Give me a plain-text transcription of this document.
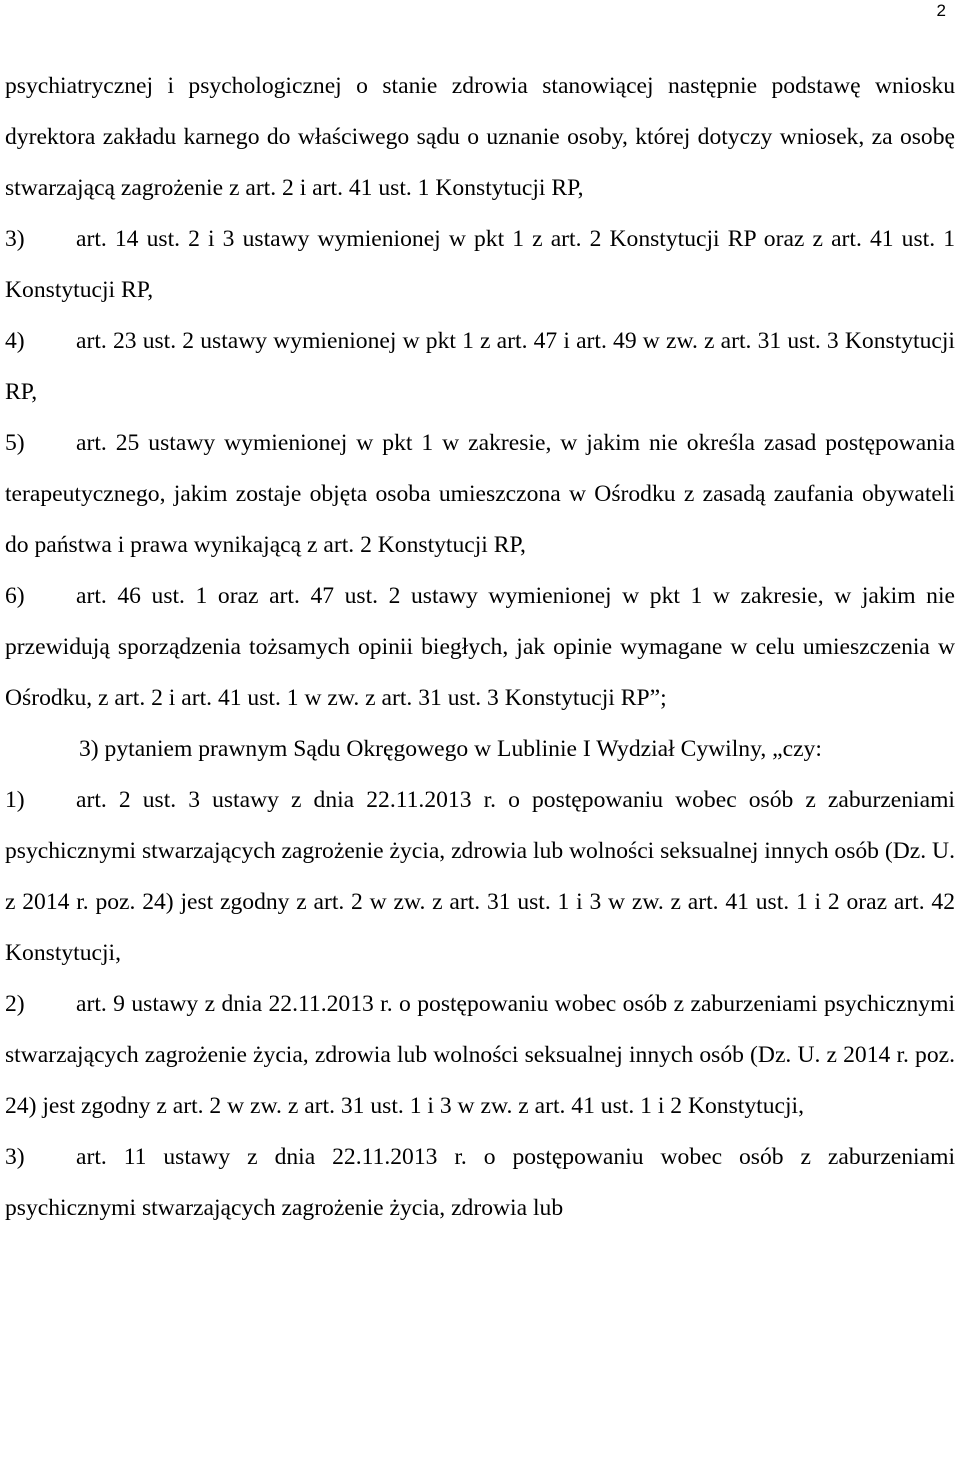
2

psychiatrycznej i psychologicznej o stanie zdrowia stanowiącej następnie podstawę wniosku dyrektora zakładu karnego do właściwego sądu o uznanie osoby, której dotyczy wniosek, za osobę stwarzającą zagrożenie z art. 2 i art. 41 ust. 1 Konstytucji RP,

3) art. 14 ust. 2 i 3 ustawy wymienionej w pkt 1 z art. 2 Konstytucji RP oraz z art. 41 ust. 1 Konstytucji RP,

4) art. 23 ust. 2 ustawy wymienionej w pkt 1 z art. 47 i art. 49 w zw. z art. 31 ust. 3 Konstytucji RP,

5) art. 25 ustawy wymienionej w pkt 1 w zakresie, w jakim nie określa zasad postępowania terapeutycznego, jakim zostaje objęta osoba umieszczona w Ośrodku z zasadą zaufania obywateli do państwa i prawa wynikającą z art. 2 Konstytucji RP,

6) art. 46 ust. 1 oraz art. 47 ust. 2 ustawy wymienionej w pkt 1 w zakresie, w jakim nie przewidują sporządzenia tożsamych opinii biegłych, jak opinie wymagane w celu umieszczenia w Ośrodku, z art. 2 i art. 41 ust. 1 w zw. z art. 31 ust. 3 Konstytucji RP”;

3) pytaniem prawnym Sądu Okręgowego w Lublinie I Wydział Cywilny, „czy:

1) art. 2 ust. 3 ustawy z dnia 22.11.2013 r. o postępowaniu wobec osób z zaburzeniami psychicznymi stwarzających zagrożenie życia, zdrowia lub wolności seksualnej innych osób (Dz. U. z 2014 r. poz. 24) jest zgodny z art. 2 w zw. z art. 31 ust. 1 i 3 w zw. z art. 41 ust. 1 i 2 oraz art. 42 Konstytucji,

2) art. 9 ustawy z dnia 22.11.2013 r. o postępowaniu wobec osób z zaburzeniami psychicznymi stwarzających zagrożenie życia, zdrowia lub wolności seksualnej innych osób (Dz. U. z 2014 r. poz. 24) jest zgodny z art. 2 w zw. z art. 31 ust. 1 i 3 w zw. z art. 41 ust. 1 i 2 Konstytucji,

3) art. 11 ustawy z dnia 22.11.2013 r. o postępowaniu wobec osób z zaburzeniami psychicznymi stwarzających zagrożenie życia, zdrowia lub
